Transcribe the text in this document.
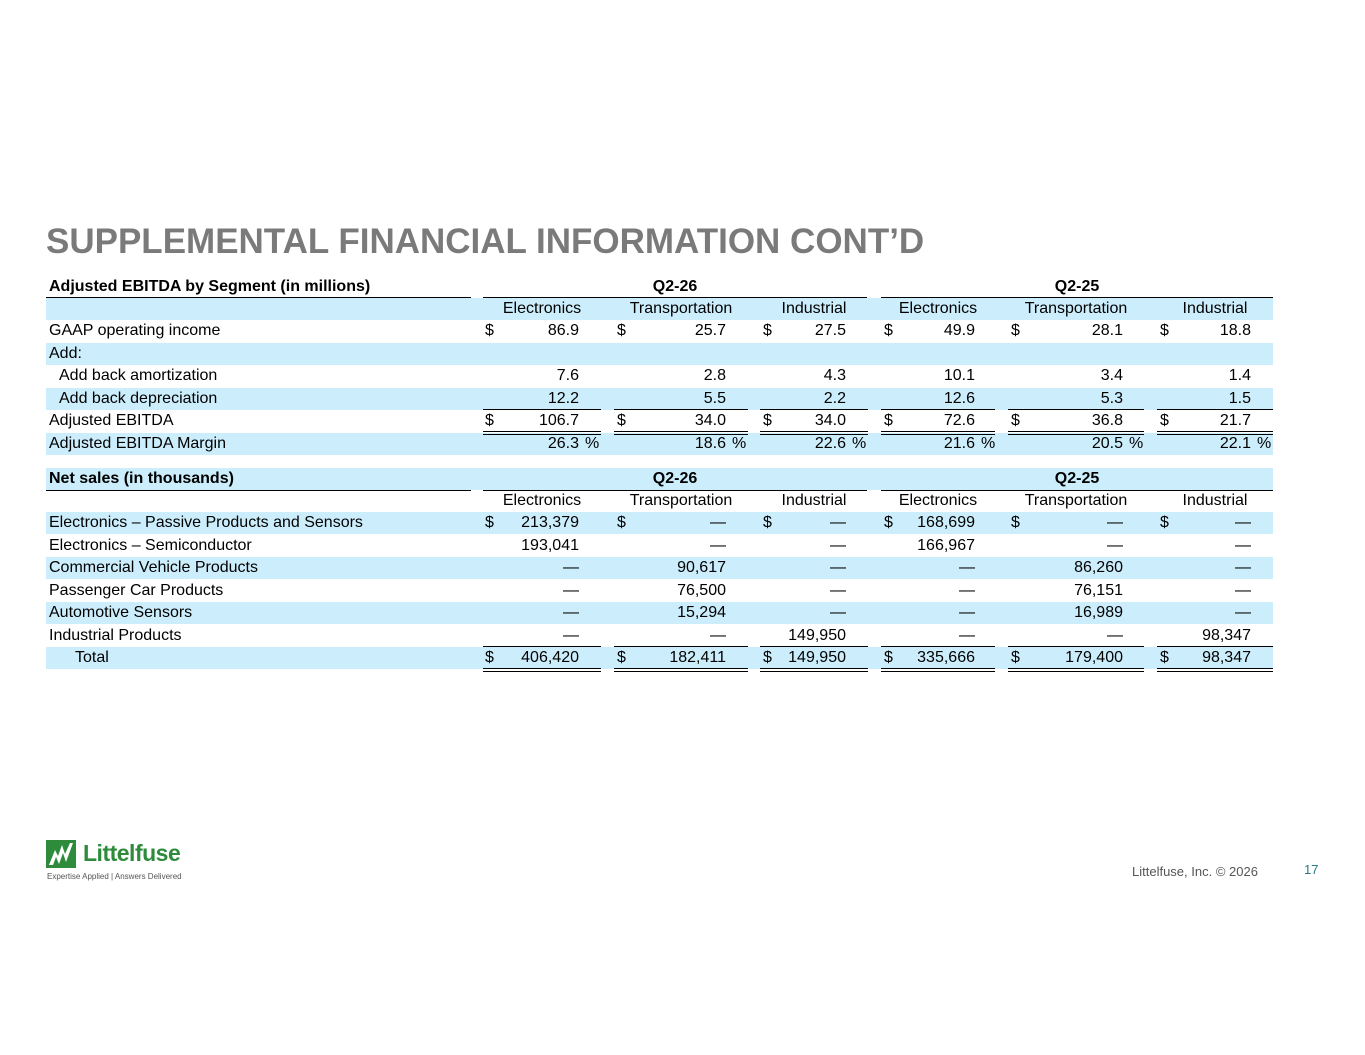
SUPPLEMENTAL FINANCIAL INFORMATION CONT’D
Adjusted EBITDA by Segment (in millions)	Q2-26	Q2-25
Electronics	Transportation	Industrial	Electronics	Transportation	Industrial
GAAP operating income	$	86.9 $	25.7 $	27.5 $	49.9 $	28.1 $	18.8
Add:
Add back amortization	7.6	2.8	4.3	10.1	3.4	1.4
Add back depreciation	12.2	5.5	2.2	12.6	5.3	1.5
Adjusted EBITDA	$	106.7 $	34.0 $	34.0 $	72.6 $	36.8 $	21.7
Adjusted EBITDA Margin	26.3 %	18.6 %	22.6 %	21.6 %	20.5 %	22.1 %
Net sales (in thousands)	Q2-26	Q2-25
Electronics	Transportation	Industrial	Electronics	Transportation	Industrial
Electronics – Passive Products and Sensors	$	213,379 $	— $	— $	168,699 $	— $	—
Electronics – Semiconductor	193,041	—	—	166,967	—	—
Commercial Vehicle Products	—	90,617	—	—	86,260	—
Passenger Car Products	—	76,500	—	—	76,151	—
Automotive Sensors	—	15,294	—	—	16,989	—
Industrial Products	—	—	149,950	—	—	98,347
Total	$	406,420 $	182,411 $	149,950 $	335,666 $	179,400 $	98,347
Littelfuse
Expertise Applied | Answers Delivered	Littelfuse, Inc. © 2026	17
